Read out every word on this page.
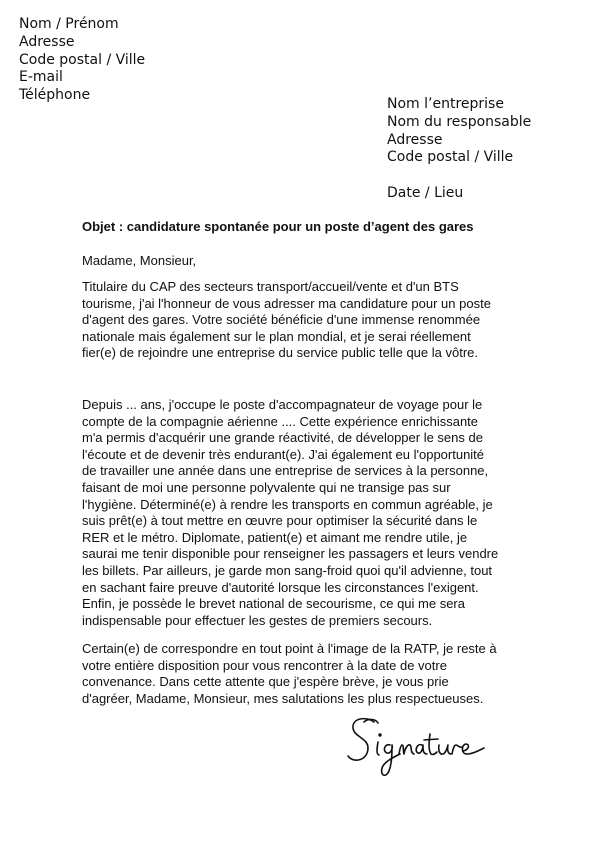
Nom / Prénom
Adresse
Code postal / Ville
E-mail
Téléphone
Nom l’entreprise
Nom du responsable
Adresse
Code postal / Ville
Date / Lieu
Objet : candidature spontanée pour un poste d’agent des gares
Madame, Monsieur,
Titulaire du CAP des secteurs transport/accueil/vente et d'un BTS tourisme, j'ai l'honneur de vous adresser ma candidature pour un poste d'agent des gares. Votre société bénéficie d'une immense renommée nationale mais également sur le plan mondial, et je serai réellement fier(e) de rejoindre une entreprise du service public telle que la vôtre.
Depuis ... ans, j'occupe le poste d'accompagnateur de voyage pour le compte de la compagnie aérienne .... Cette expérience enrichissante m'a permis d'acquérir une grande réactivité, de développer le sens de l'écoute et de devenir très endurant(e). J'ai également eu l'opportunité de travailler une année dans une entreprise de services à la personne, faisant de moi une personne polyvalente qui ne transige pas sur l'hygiène. Déterminé(e) à rendre les transports en commun agréable, je suis prêt(e) à tout mettre en œuvre pour optimiser la sécurité dans le RER et le métro. Diplomate, patient(e) et aimant me rendre utile, je saurai me tenir disponible pour renseigner les passagers et leurs vendre les billets. Par ailleurs, je garde mon sang-froid quoi qu'il advienne, tout en sachant faire preuve d'autorité lorsque les circonstances l'exigent. Enfin, je possède le brevet national de secourisme, ce qui me sera indispensable pour effectuer les gestes de premiers secours.
Certain(e) de correspondre en tout point à l'image de la RATP, je reste à votre entière disposition pour vous rencontrer à la date de votre convenance. Dans cette attente que j'espère brève, je vous prie d'agréer, Madame, Monsieur, mes salutations les plus respectueuses.
